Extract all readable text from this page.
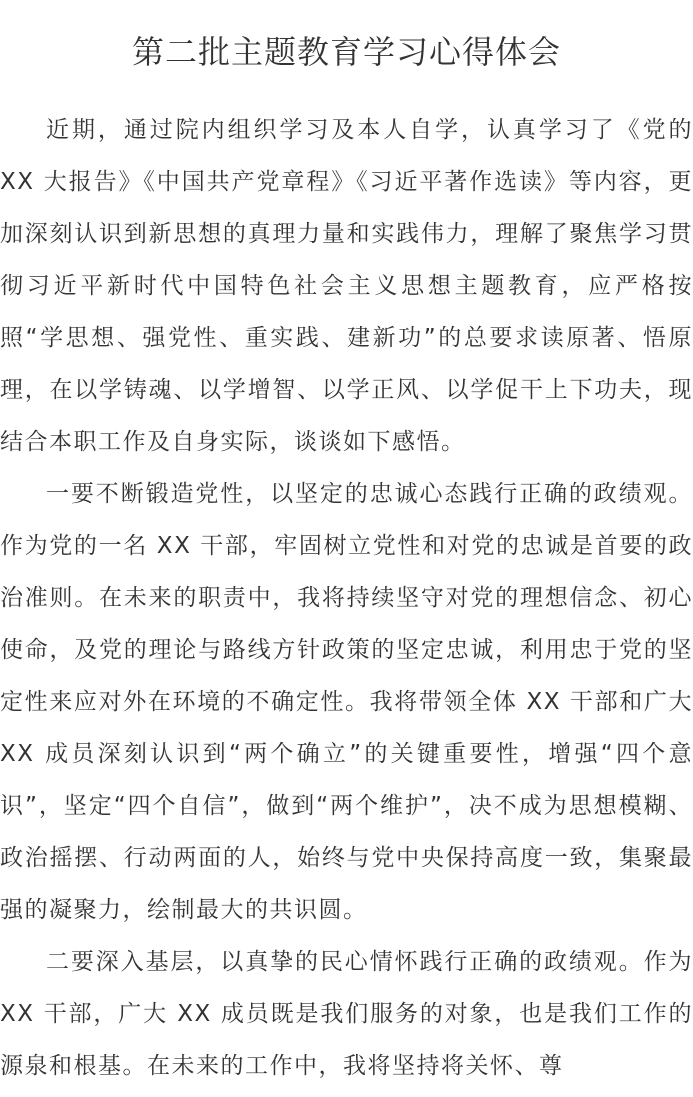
第二批主题教育学习心得体会

近期，通过院内组织学习及本人自学，认真学习了《党的 XX 大报告》《中国共产党章程》《习近平著作选读》等内容，更加深刻认识到新思想的真理力量和实践伟力，理解了聚焦学习贯彻习近平新时代中国特色社会主义思想主题教育，应严格按照“学思想、强党性、重实践、建新功”的总要求读原著、悟原理，在以学铸魂、以学增智、以学正风、以学促干上下功夫，现结合本职工作及自身实际，谈谈如下感悟。

一要不断锻造党性，以坚定的忠诚心态践行正确的政绩观。作为党的一名 XX 干部，牢固树立党性和对党的忠诚是首要的政治准则。在未来的职责中，我将持续坚守对党的理想信念、初心使命，及党的理论与路线方针政策的坚定忠诚，利用忠于党的坚定性来应对外在环境的不确定性。我将带领全体 XX 干部和广大 XX 成员深刻认识到“两个确立”的关键重要性，增强“四个意识”，坚定“四个自信”，做到“两个维护”，决不成为思想模糊、政治摇摆、行动两面的人，始终与党中央保持高度一致，集聚最强的凝聚力，绘制最大的共识圆。

二要深入基层，以真挚的民心情怀践行正确的政绩观。作为 XX 干部，广大 XX 成员既是我们服务的对象，也是我们工作的源泉和根基。在未来的工作中，我将坚持将关怀、尊
